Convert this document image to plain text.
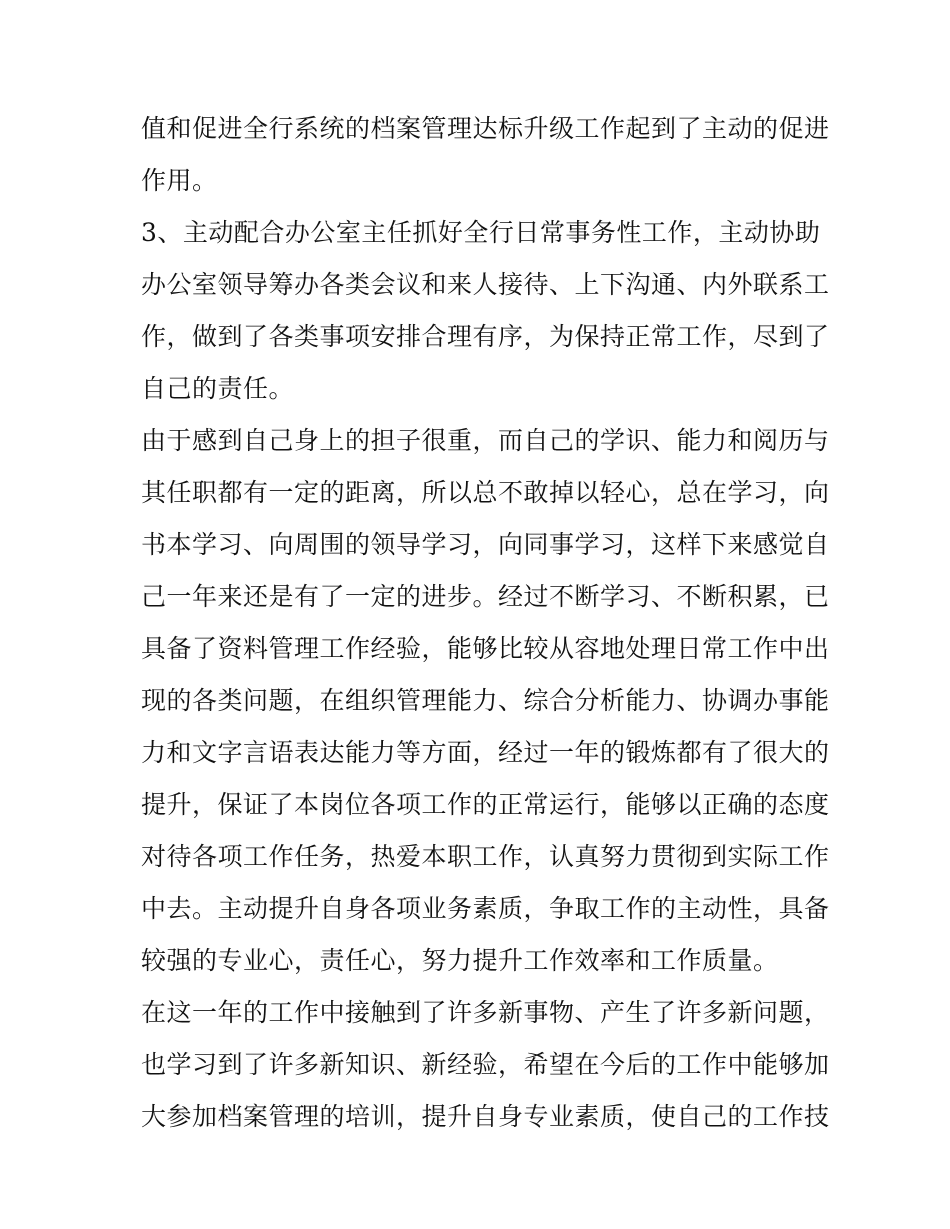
值和促进全行系统的档案管理达标升级工作起到了主动的促进
作用。
3、主动配合办公室主任抓好全行日常事务性工作，主动协助
办公室领导筹办各类会议和来人接待、上下沟通、内外联系工
作，做到了各类事项安排合理有序，为保持正常工作，尽到了
自己的责任。
由于感到自己身上的担子很重，而自己的学识、能力和阅历与
其任职都有一定的距离，所以总不敢掉以轻心，总在学习，向
书本学习、向周围的领导学习，向同事学习，这样下来感觉自
己一年来还是有了一定的进步。经过不断学习、不断积累，已
具备了资料管理工作经验，能够比较从容地处理日常工作中出
现的各类问题，在组织管理能力、综合分析能力、协调办事能
力和文字言语表达能力等方面，经过一年的锻炼都有了很大的
提升，保证了本岗位各项工作的正常运行，能够以正确的态度
对待各项工作任务，热爱本职工作，认真努力贯彻到实际工作
中去。主动提升自身各项业务素质，争取工作的主动性，具备
较强的专业心，责任心，努力提升工作效率和工作质量。
在这一年的工作中接触到了许多新事物、产生了许多新问题，
也学习到了许多新知识、新经验，希望在今后的工作中能够加
大参加档案管理的培训，提升自身专业素质，使自己的工作技
